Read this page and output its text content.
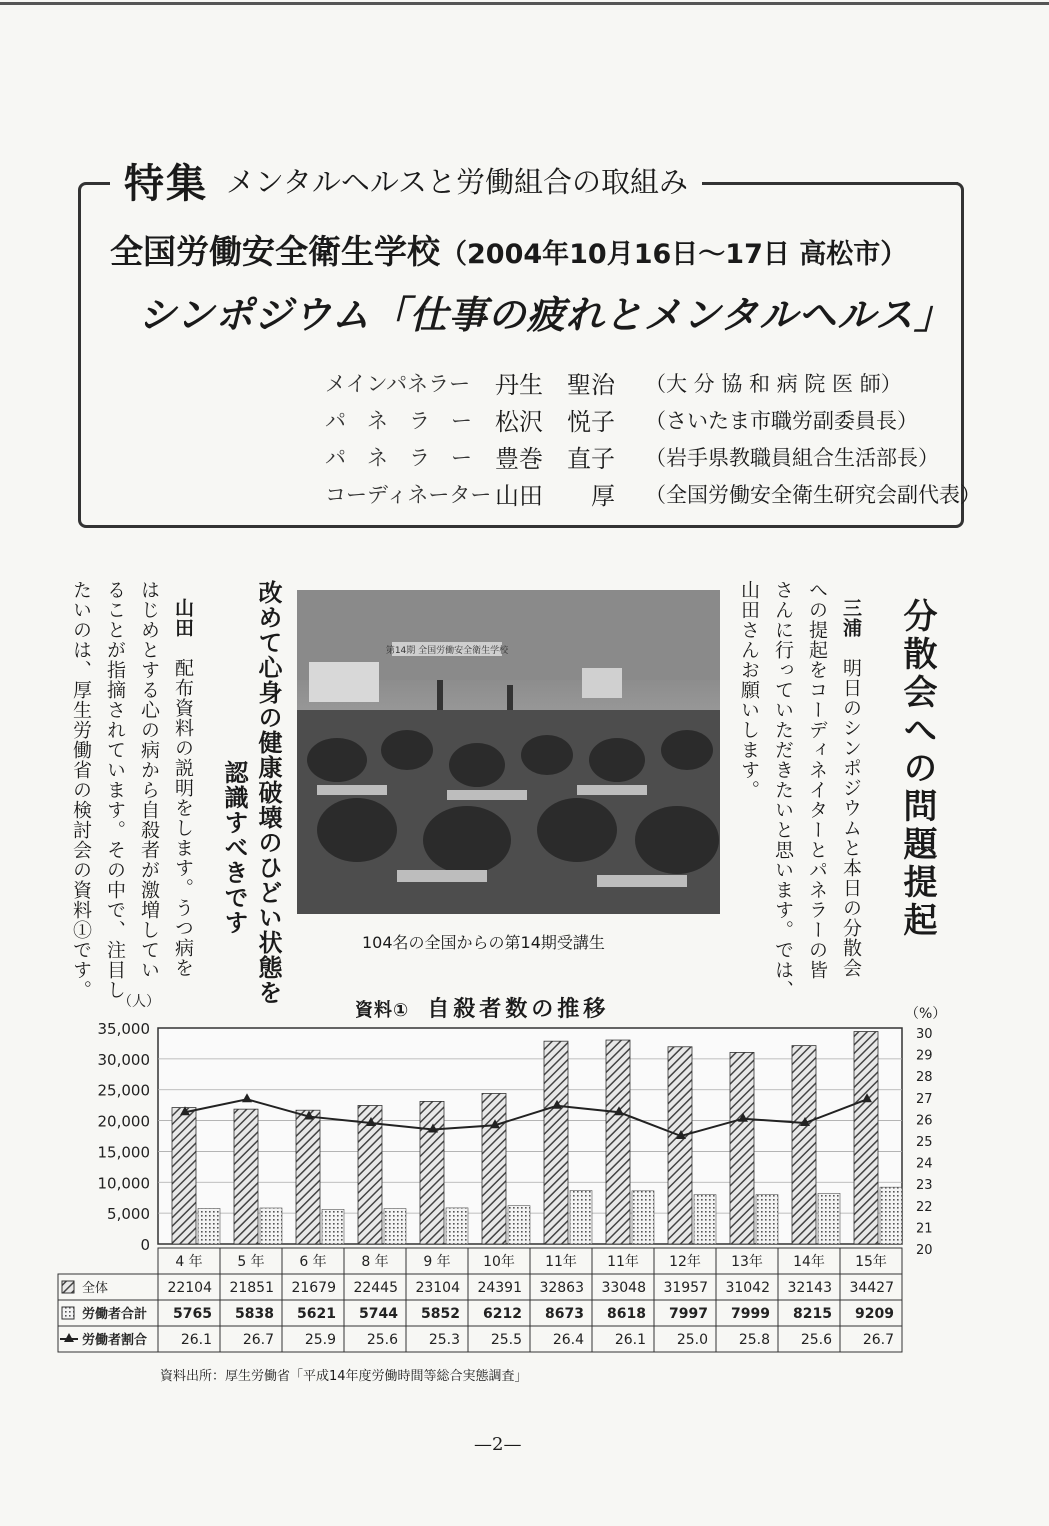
特集 メンタルヘルスと労働組合の取組み
全国労働安全衛生学校（2004年10月16日～17日 高松市）
シンポジウム「仕事の疲れとメンタルヘルス」
メインパネラー	丹生　聖治	（大 分 協 和 病 院 医 師）
パ　ネ　ラ　ー 松沢　悦子	（さいたま市職労副委員長）
パ　ネ　ラ　ー 豊巻　直子	（岩手県教職員組合生活部長）
コーディネーター 山田　　厚	（全国労働安全衛生研究会副代表）
分散会への問題提起
三浦　明日のシンポジウムと本日の分散会
への提起をコーディネイターとパネラーの皆
さんに行っていただきたいと思います。では、
山田さんお願いします。
第14期 全国労働安全衛生学校
104名の全国からの第14期受講生
改めて心身の健康破壊のひどい状態を
認識すべきです
山田　配布資料の説明をします。うつ病を
はじめとする心の病から自殺者が激増してい
ることが指摘されています。その中で、注目し
たいのは、厚生労働省の検討会の資料①です。
資料① 自殺者数の推移
（人）
35,000
30,000
25,000
20,000
15,000
10,000
5,000
0
（%）
30
29
28
27
26
25
24
23
22
21
20
4 年 5 年 6 年 8 年 9 年 10年 11年 11年 12年 13年 14年 15年
全体	22104 21851 21679 22445 23104 24391 32863 33048 31957 31042 32143 34427
労働者合計 5765 5838 5621 5744 5852 6212 8673 8618 7997 7999 8215 9209
労働者割合 26.1 26.7 25.9 25.6 25.3 25.5 26.4 26.1 25.0 25.8 25.6 26.7
資料出所：厚生労働省「平成14年度労働時間等総合実態調査」
—2—
